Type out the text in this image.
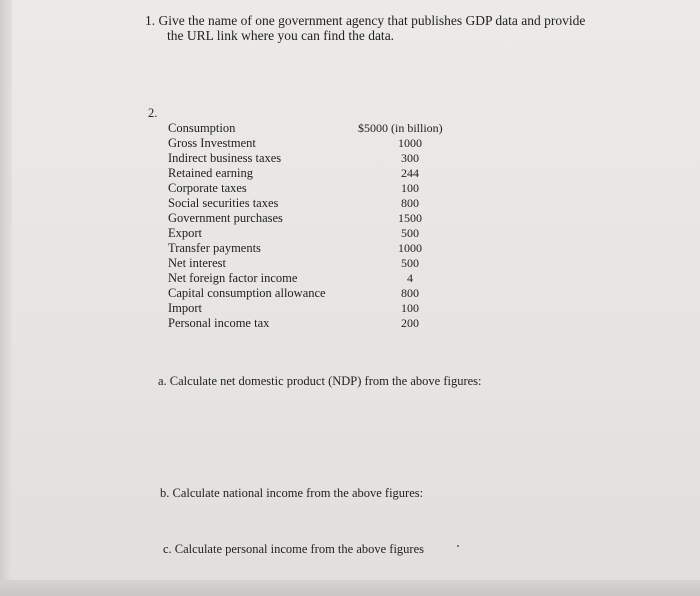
1. Give the name of one government agency that publishes GDP data and provide
the URL link where you can find the data.
2.
Consumption
Gross Investment
Indirect business taxes
Retained earning
Corporate taxes
Social securities taxes
Government purchases
Export
Transfer payments
Net interest
Net foreign factor income
Capital consumption allowance
Import
Personal income tax
$5000 (in billion)
1000
300
244
100
800
1500
500
1000
500
4
800
100
200
a. Calculate net domestic product (NDP) from the above figures:
b. Calculate national income from the above figures:
c. Calculate personal income from the above figures
